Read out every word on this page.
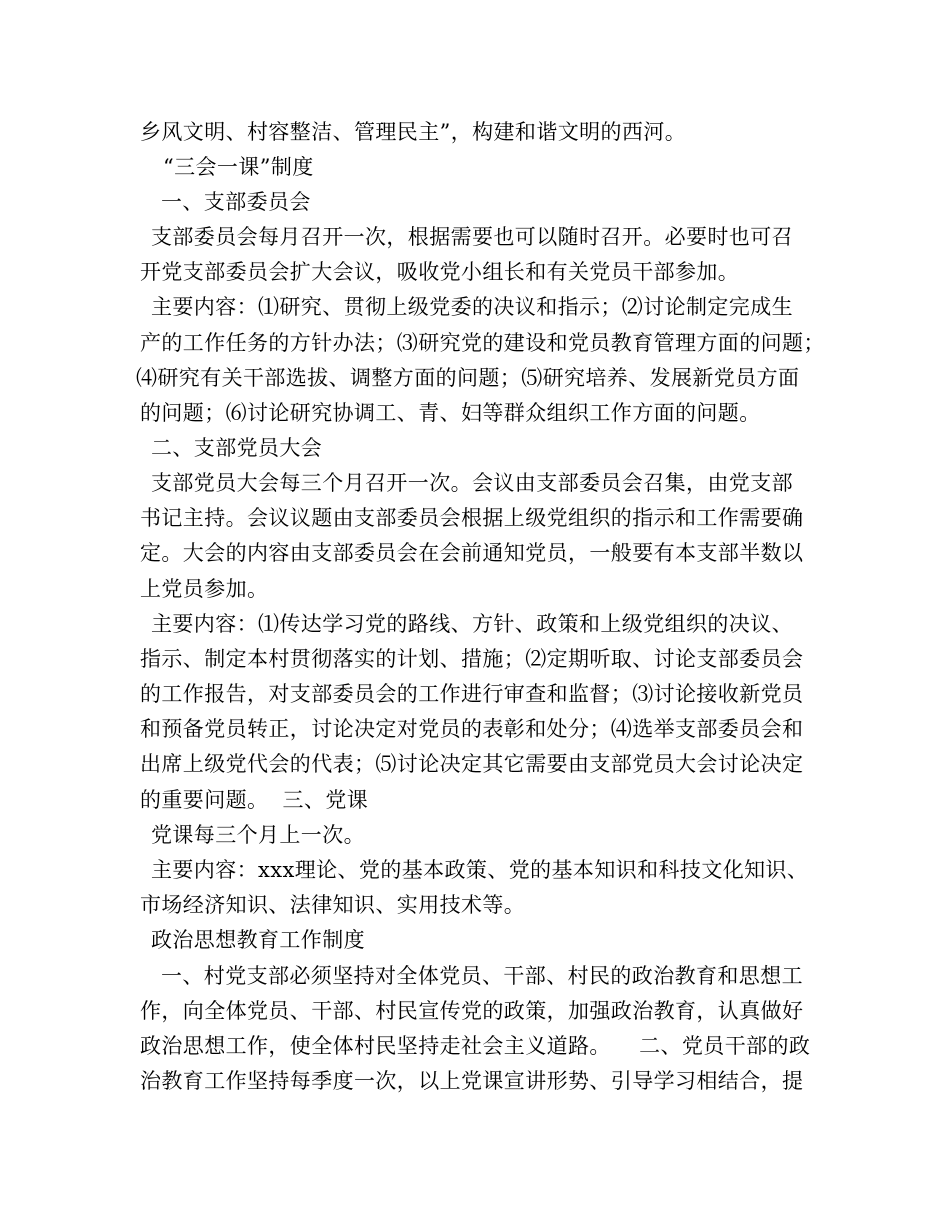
乡风文明、村容整洁、管理民主”，构建和谐文明的西河。
“三会一课”制度
一、支部委员会
支部委员会每月召开一次，根据需要也可以随时召开。必要时也可召
开党支部委员会扩大会议，吸收党小组长和有关党员干部参加。
主要内容：⑴研究、贯彻上级党委的决议和指示；⑵讨论制定完成生
产的工作任务的方针办法；⑶研究党的建设和党员教育管理方面的问题；
⑷研究有关干部选拔、调整方面的问题；⑸研究培养、发展新党员方面
的问题；⑹讨论研究协调工、青、妇等群众组织工作方面的问题。
二、支部党员大会
支部党员大会每三个月召开一次。会议由支部委员会召集，由党支部
书记主持。会议议题由支部委员会根据上级党组织的指示和工作需要确
定。大会的内容由支部委员会在会前通知党员，一般要有本支部半数以
上党员参加。
主要内容：⑴传达学习党的路线、方针、政策和上级党组织的决议、
指示、制定本村贯彻落实的计划、措施；⑵定期听取、讨论支部委员会
的工作报告，对支部委员会的工作进行审查和监督；⑶讨论接收新党员
和预备党员转正，讨论决定对党员的表彰和处分；⑷选举支部委员会和
出席上级党代会的代表；⑸讨论决定其它需要由支部党员大会讨论决定
的重要问题。  三、党课
党课每三个月上一次。
主要内容：xxx理论、党的基本政策、党的基本知识和科技文化知识、
市场经济知识、法律知识、实用技术等。
政治思想教育工作制度
一、村党支部必须坚持对全体党员、干部、村民的政治教育和思想工
作，向全体党员、干部、村民宣传党的政策，加强政治教育，认真做好
政治思想工作，使全体村民坚持走社会主义道路。    二、党员干部的政
治教育工作坚持每季度一次，以上党课宣讲形势、引导学习相结合，提
